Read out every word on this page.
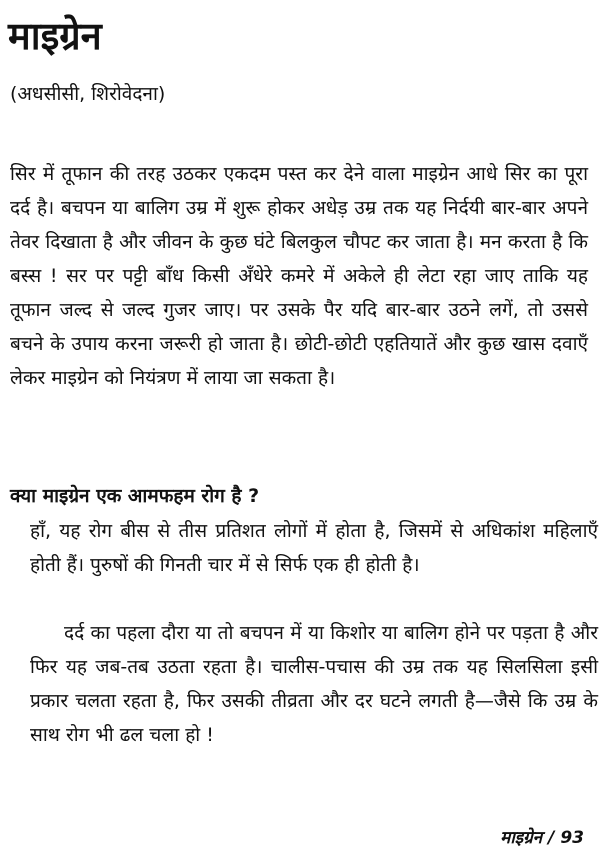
माइग्रेन

(अधसीसी, शिरोवेदना)

सिर में तूफान की तरह उठकर एकदम पस्त कर देने वाला माइग्रेन आधे सिर का पूरा दर्द है। बचपन या बालिग उम्र में शुरू होकर अधेड़ उम्र तक यह निर्दयी बार-बार अपने तेवर दिखाता है और जीवन के कुछ घंटे बिलकुल चौपट कर जाता है। मन करता है कि बस्स ! सर पर पट्टी बाँध किसी अँधेरे कमरे में अकेले ही लेटा रहा जाए ताकि यह तूफान जल्द से जल्द गुजर जाए। पर उसके पैर यदि बार-बार उठने लगें, तो उससे बचने के उपाय करना जरूरी हो जाता है। छोटी-छोटी एहतियातें और कुछ खास दवाएँ लेकर माइग्रेन को नियंत्रण में लाया जा सकता है।

क्या माइग्रेन एक आमफहम रोग है ?

हाँ, यह रोग बीस से तीस प्रतिशत लोगों में होता है, जिसमें से अधिकांश महिलाएँ होती हैं। पुरुषों की गिनती चार में से सिर्फ एक ही होती है।

दर्द का पहला दौरा या तो बचपन में या किशोर या बालिग होने पर पड़ता है और फिर यह जब-तब उठता रहता है। चालीस-पचास की उम्र तक यह सिलसिला इसी प्रकार चलता रहता है, फिर उसकी तीव्रता और दर घटने लगती है—जैसे कि उम्र के साथ रोग भी ढल चला हो !

माइग्रेन / 93
